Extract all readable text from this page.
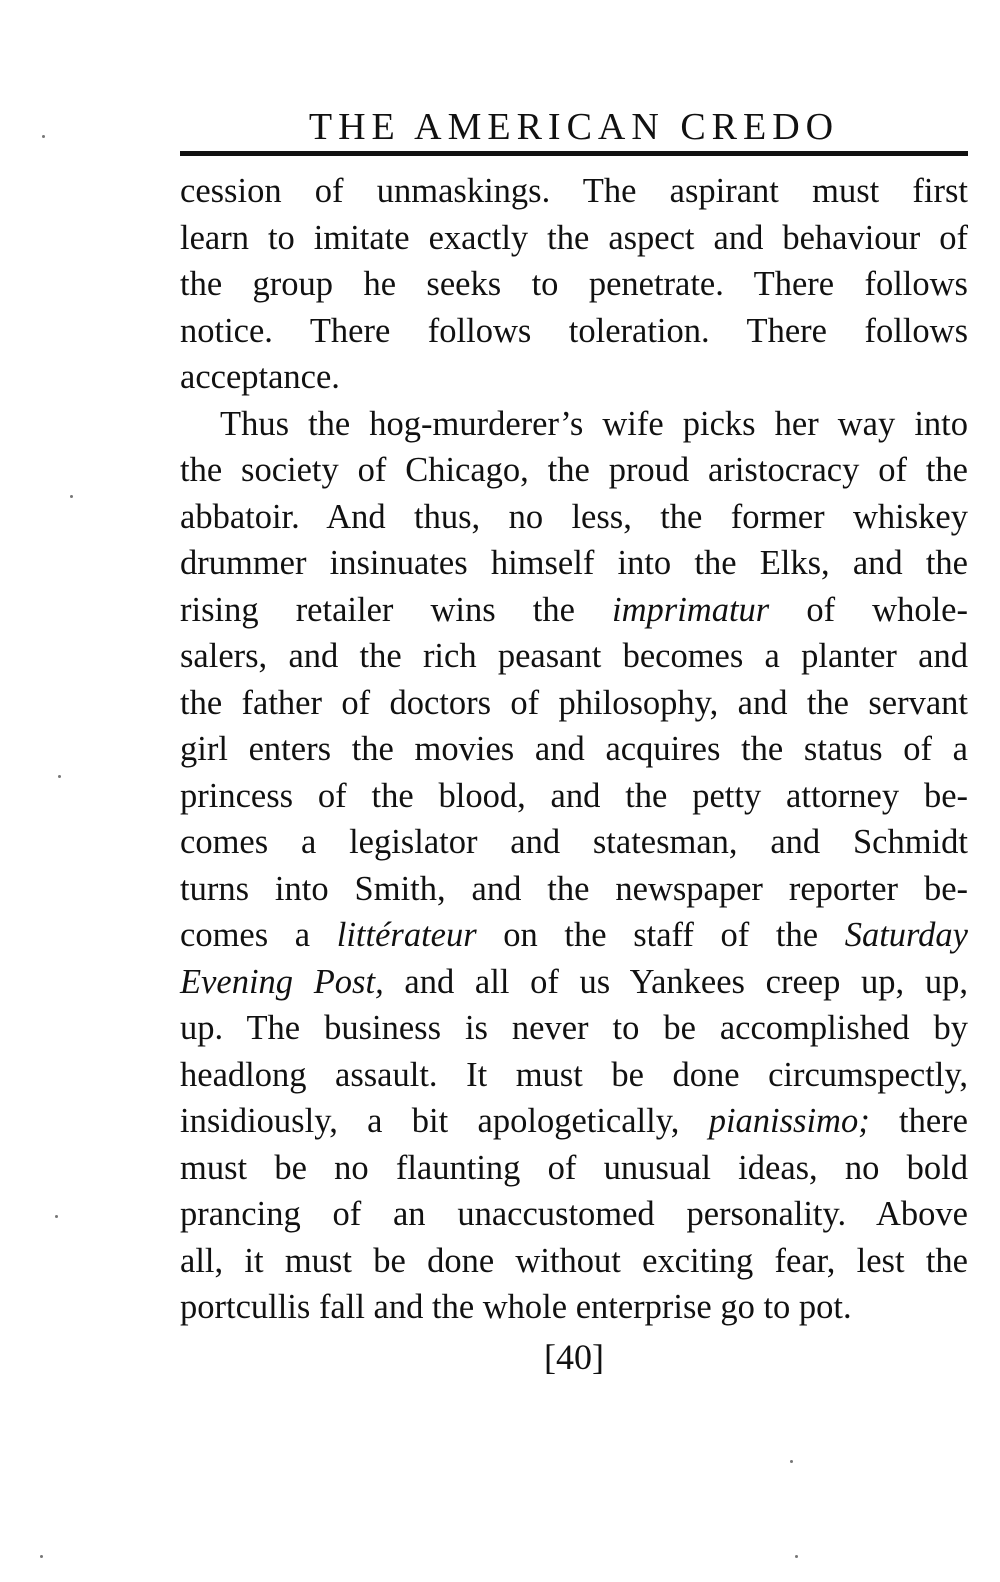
THE AMERICAN CREDO
cession of unmaskings. The aspirant must first
learn to imitate exactly the aspect and behaviour of
the group he seeks to penetrate. There follows
notice. There follows toleration. There follows
acceptance.
Thus the hog-murderer’s wife picks her way into
the society of Chicago, the proud aristocracy of the
abbatoir. And thus, no less, the former whiskey
drummer insinuates himself into the Elks, and the
rising retailer wins the imprimatur of whole-
salers, and the rich peasant becomes a planter and
the father of doctors of philosophy, and the servant
girl enters the movies and acquires the status of a
princess of the blood, and the petty attorney be-
comes a legislator and statesman, and Schmidt
turns into Smith, and the newspaper reporter be-
comes a littérateur on the staff of the Saturday
Evening Post, and all of us Yankees creep up, up,
up. The business is never to be accomplished by
headlong assault. It must be done circumspectly,
insidiously, a bit apologetically, pianissimo; there
must be no flaunting of unusual ideas, no bold
prancing of an unaccustomed personality. Above
all, it must be done without exciting fear, lest the
portcullis fall and the whole enterprise go to pot.
[40]
